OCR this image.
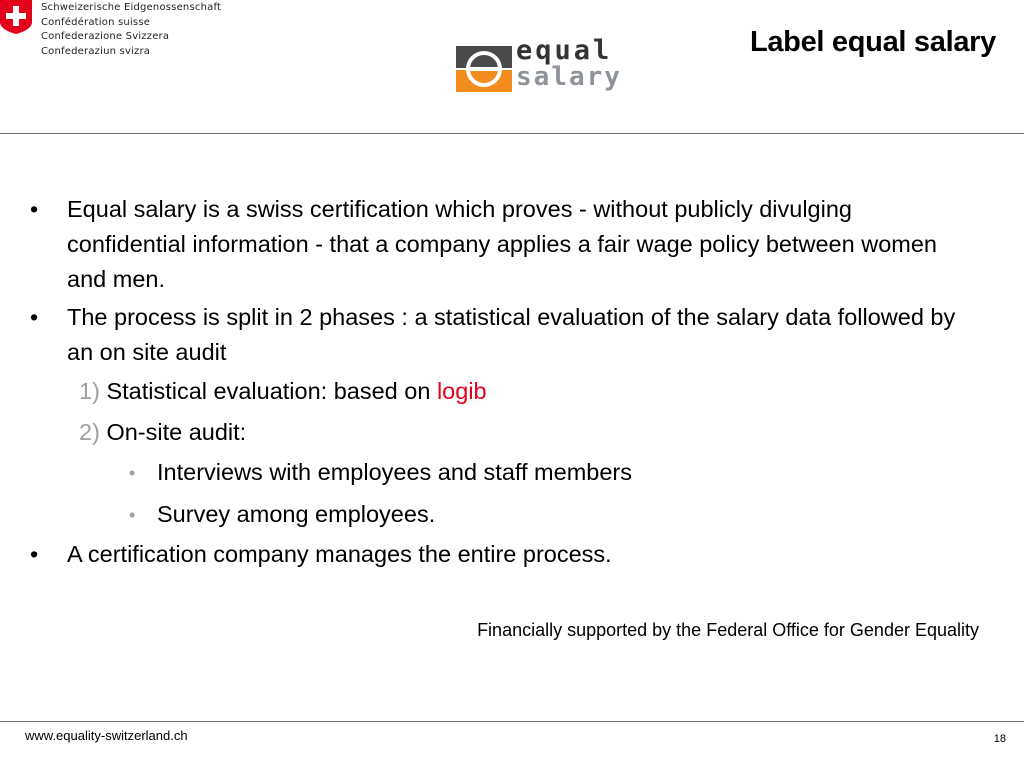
Schweizerische Eidgenossenschaft
Confédération suisse
Confederazione Svizzera
Confederaziun svizra	equal
salary
Label equal salary
• Equal salary is a swiss certification which proves - without publicly divulging confidential information - that a company applies a fair wage policy between women and men.
• The process is split in 2 phases : a statistical evaluation of the salary data followed by an on site audit
1) Statistical evaluation: based on logib
2) On-site audit:
• Interviews with employees and staff members
• Survey among employees.
• A certification company manages the entire process.
Financially supported by the Federal Office for Gender Equality
www.equality-switzerland.ch	18
